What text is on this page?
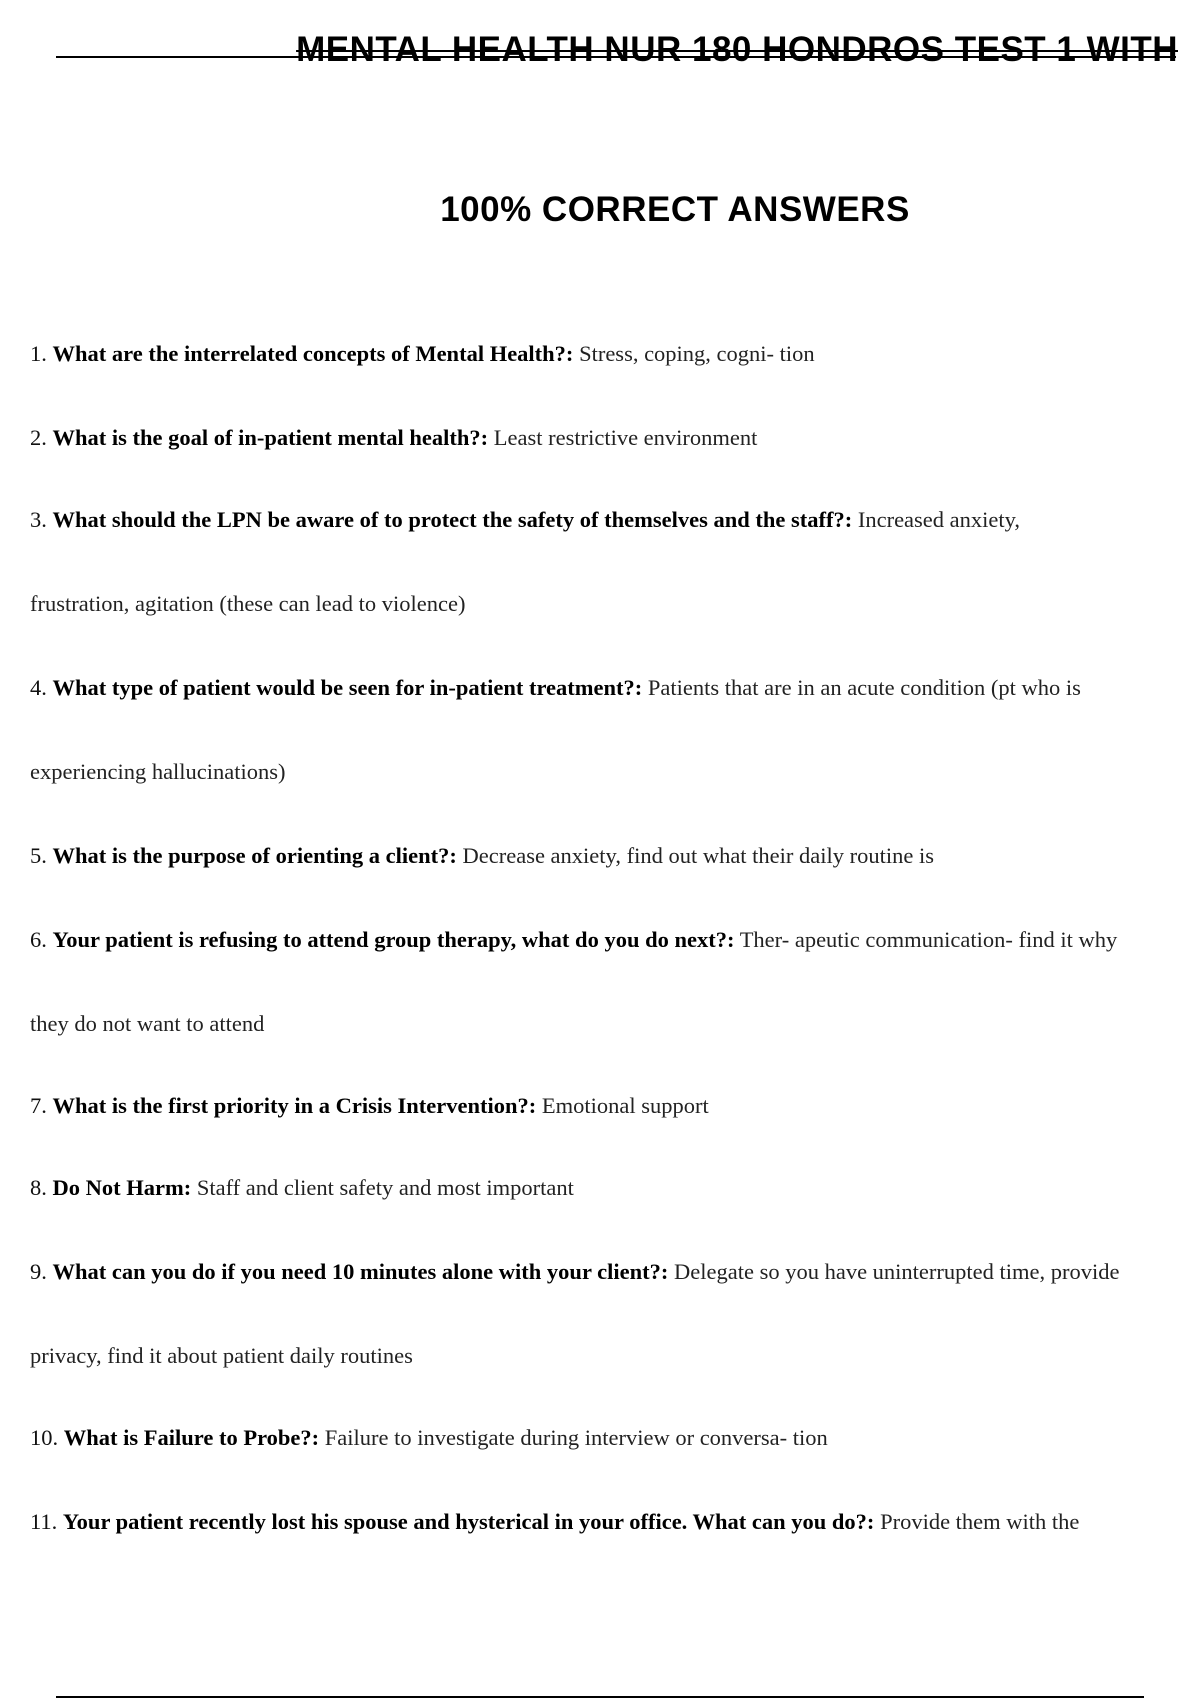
MENTAL HEALTH NUR 180 HONDROS TEST 1 WITH
100% CORRECT ANSWERS

1. What are the interrelated concepts of Mental Health?: Stress, coping, cogni- tion

2. What is the goal of in-patient mental health?: Least restrictive environment

3. What should the LPN be aware of to protect the safety of themselves and the staff?: Increased anxiety,
frustration, agitation (these can lead to violence)

4. What type of patient would be seen for in-patient treatment?: Patients that are in an acute condition (pt who is
experiencing hallucinations)

5. What is the purpose of orienting a client?: Decrease anxiety, find out what their daily routine is

6. Your patient is refusing to attend group therapy, what do you do next?: Ther- apeutic communication- find it why
they do not want to attend

7. What is the first priority in a Crisis Intervention?: Emotional support

8. Do Not Harm: Staff and client safety and most important

9. What can you do if you need 10 minutes alone with your client?: Delegate so you have uninterrupted time, provide
privacy, find it about patient daily routines

10. What is Failure to Probe?: Failure to investigate during interview or conversa- tion

11. Your patient recently lost his spouse and hysterical in your office. What can you do?: Provide them with the
